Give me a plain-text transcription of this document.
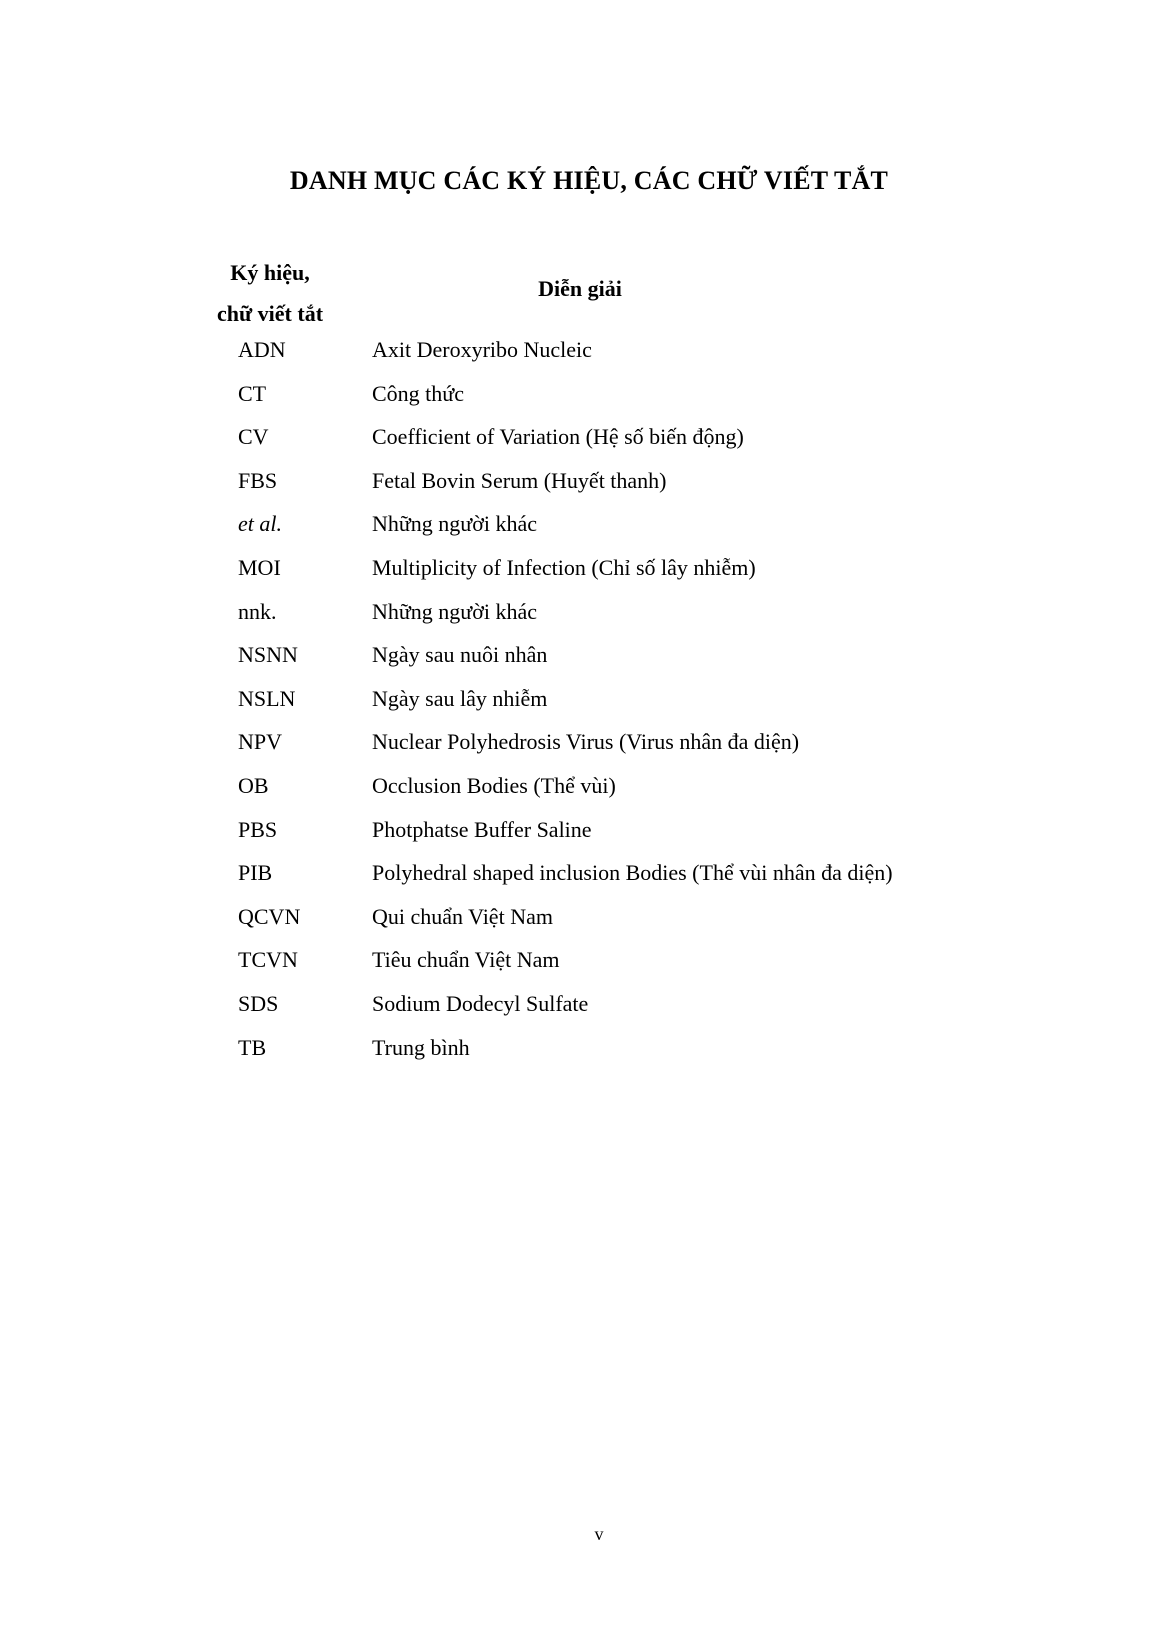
DANH MỤC CÁC KÝ HIỆU, CÁC CHỮ VIẾT TẮT
Ký hiệu,
chữ viết tắt
Diễn giải
ADN	Axit Deroxyribo Nucleic
CT	Công thức
CV	Coefficient of Variation (Hệ số biến động)
FBS	Fetal Bovin Serum (Huyết thanh)
et al.	Những người khác
MOI	Multiplicity of Infection (Chỉ số lây nhiễm)
nnk.	Những người khác
NSNN	Ngày sau nuôi nhân
NSLN	Ngày sau lây nhiễm
NPV	Nuclear Polyhedrosis Virus (Virus nhân đa diện)
OB	Occlusion Bodies (Thể vùi)
PBS	Photphatse Buffer Saline
PIB	Polyhedral shaped inclusion Bodies (Thể vùi nhân đa diện)
QCVN	Qui chuẩn Việt Nam
TCVN	Tiêu chuẩn Việt Nam
SDS	Sodium Dodecyl Sulfate
TB	Trung bình
v
